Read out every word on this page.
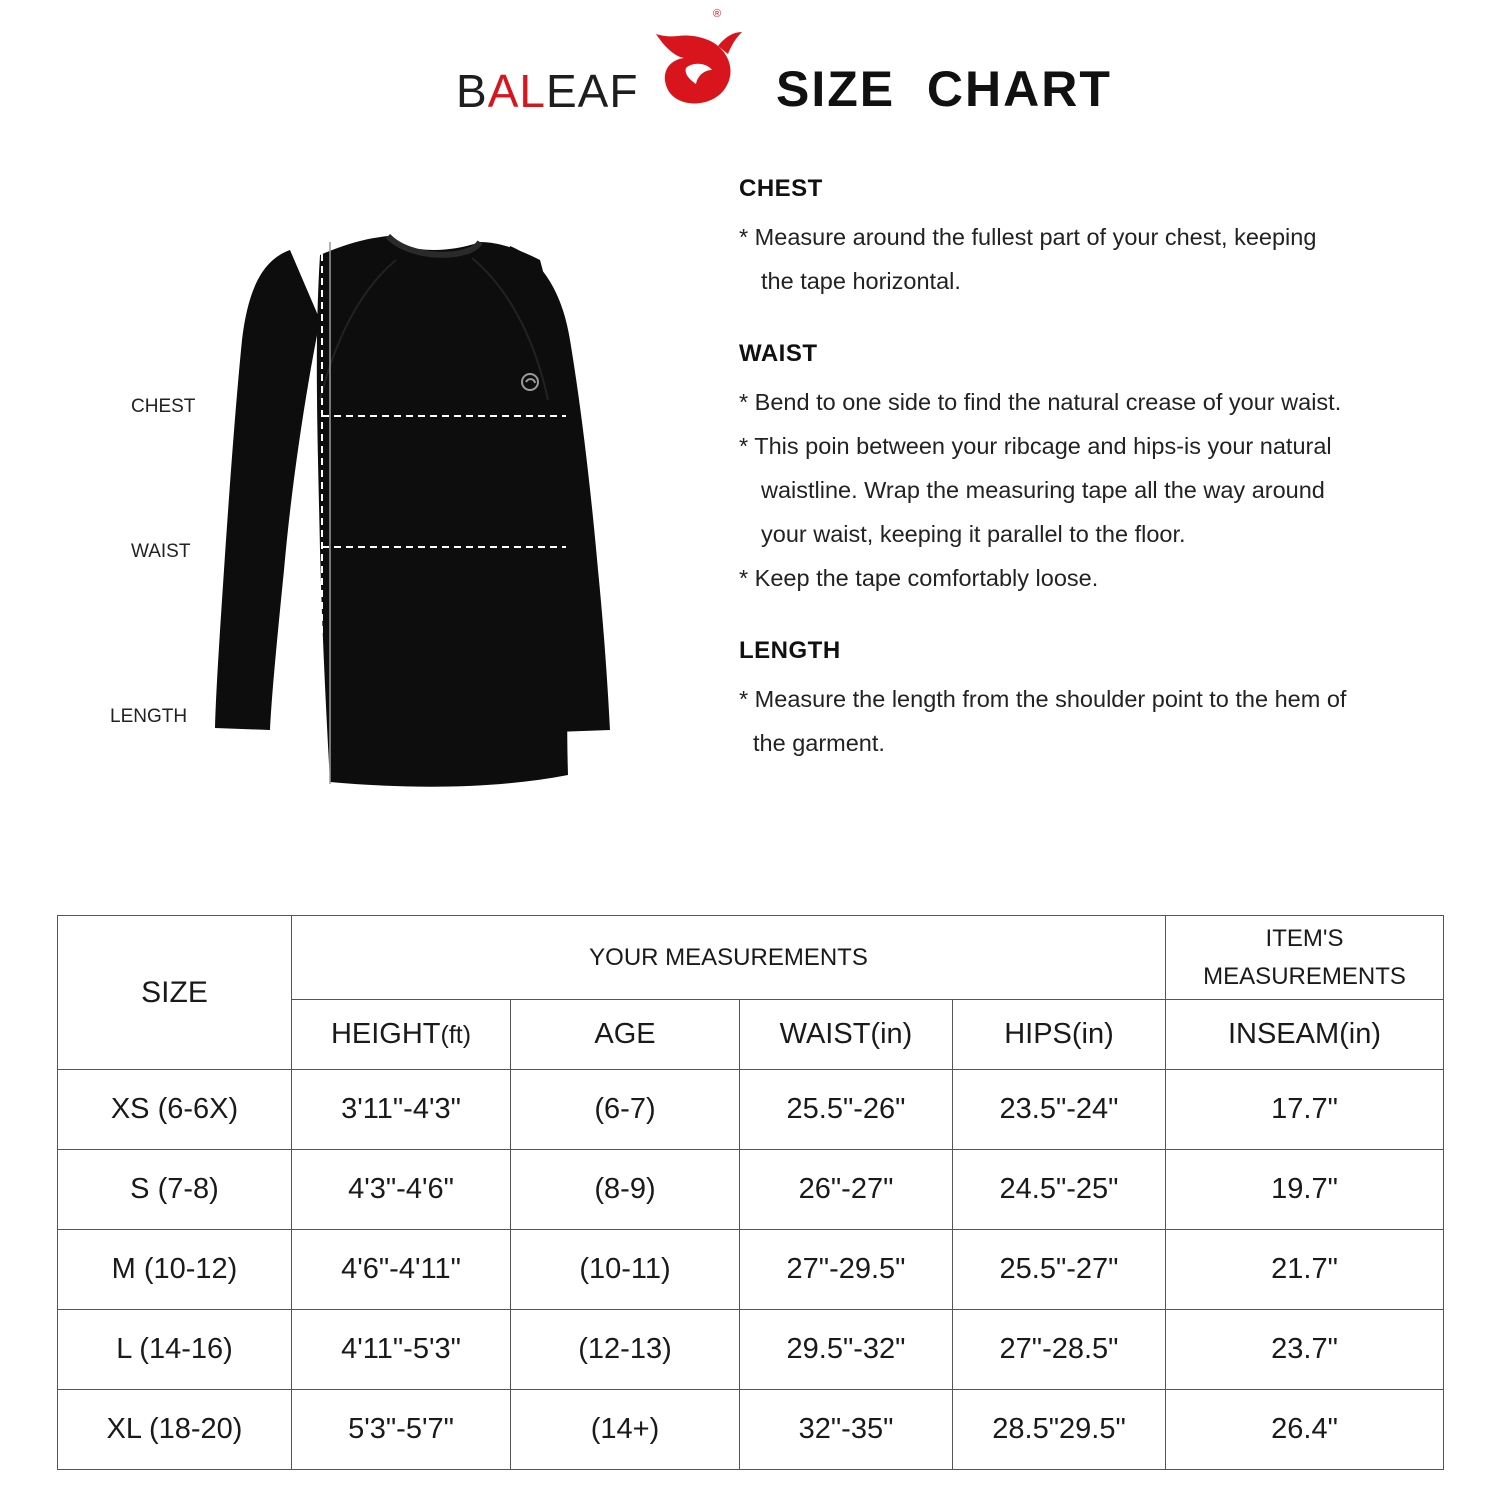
BALEAF
®
SIZE  CHART
CHEST
WAIST
LENGTH
CHEST
* Measure around the fullest part of your chest, keeping
the tape horizontal.
WAIST
* Bend to one side to find the natural crease of your waist.
* This poin between your ribcage and hips-is your natural
waistline. Wrap the measuring tape all the way around
your waist, keeping it parallel to the floor.
* Keep the tape comfortably loose.
LENGTH
* Measure the length from the shoulder point to the hem of
the garment.
SIZE	YOUR MEASUREMENTS				ITEM'S
MEASUREMENTS
	HEIGHT(ft)	AGE	WAIST(in)	HIPS(in)	INSEAM(in)
XS (6-6X)	3'11"-4'3"	(6-7)	25.5"-26"	23.5"-24"	17.7"
S (7-8)	4'3"-4'6"	(8-9)	26"-27"	24.5"-25"	19.7"
M (10-12)	4'6"-4'11"	(10-11)	27"-29.5"	25.5"-27"	21.7"
L (14-16)	4'11"-5'3"	(12-13)	29.5"-32"	27"-28.5"	23.7"
XL (18-20)	5'3"-5'7"	(14+)	32"-35"	28.5"29.5"	26.4"
